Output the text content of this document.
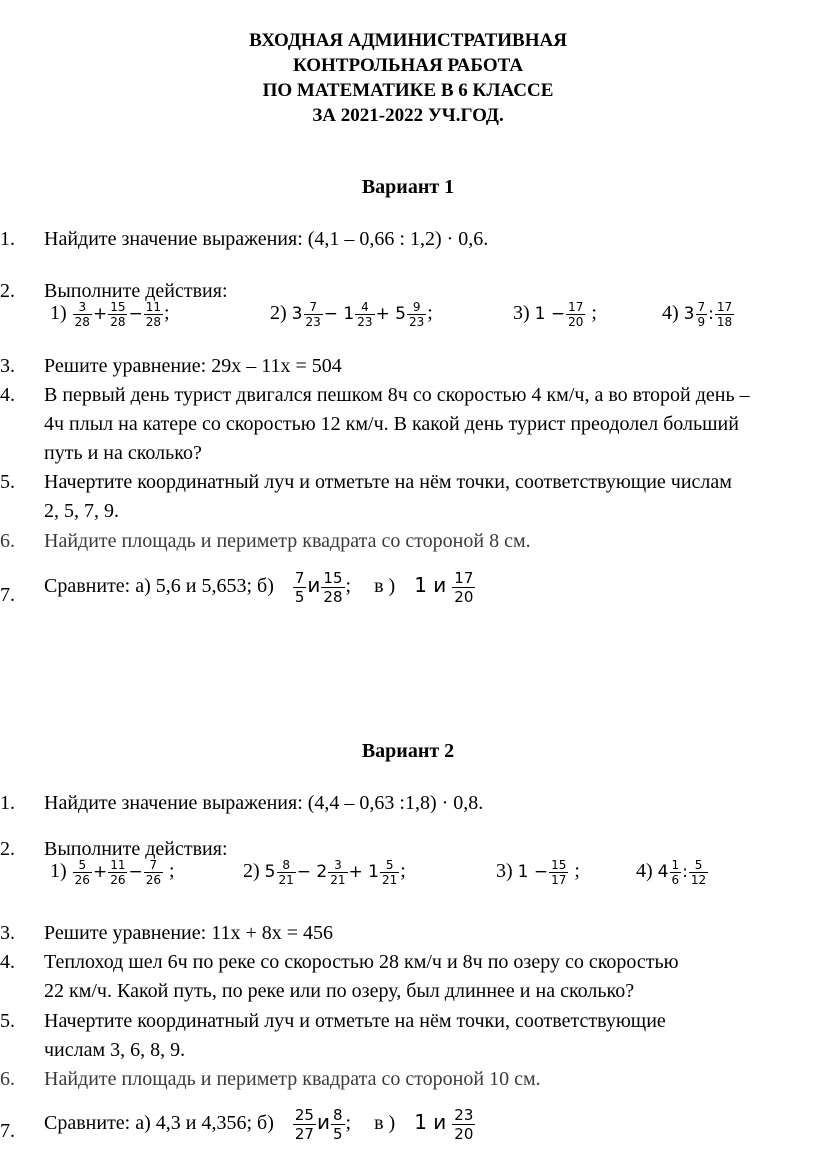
ВХОДНАЯ АДМИНИСТРАТИВНАЯ
КОНТРОЛЬНАЯ РАБОТА
ПО МАТЕМАТИКЕ В 6 КЛАССЕ
ЗА 2021-2022 УЧ.ГОД.
Вариант 1
1. Найдите значение выражения: (4,1 – 0,66 : 1,2) · 0,6.
2. Выполните действия:
$1) \frac{3}{28} + \frac{15}{28} - \frac{11}{28}$ ;	2) $3 \frac{7}{23} - 1 \frac{4}{23} + 5 \frac{9}{23}$ ;	3) $1 - \frac{17}{20}$ ;	4) $3 \frac{7}{9}$ : $\frac{17}{18}$
3. Решите уравнение: 29х – 11х = 504
4. В первый день турист двигался пешком 8ч со скоростью 4 км/ч, а во второй день –
4ч плыл на катере со скоростью 12 км/ч. В какой день турист преодолел больший
путь и на сколько?
5. Начертите координатный луч и отметьте на нём точки, соответствующие числам
2, 5, 7, 9.
6. Найдите площадь и периметр квадрата со стороной 8 см.
7. Сравните: а) 5,6 и 5,653; $б) \frac{7}{5}$ и $\frac{15}{28}$ ; в ) 1 и $\frac{17}{20}$
Вариант 2
1. Найдите значение выражения: (4,4 – 0,63 :1,8) · 0,8.
2. Выполните действия:
$1) \frac{5}{26} + \frac{11}{26} - \frac{7}{26}$ ;	2) $5 \frac{8}{21} - 2 \frac{3}{21} + 1 \frac{5}{21}$ ;	3) $1 - \frac{15}{17}$ ;	4) $4 \frac{1}{6}$ : $\frac{5}{12}$
3. Решите уравнение: 11х + 8х = 456
4. Теплоход шел 6ч по реке со скоростью 28 км/ч и 8ч по озеру со скоростью
22 км/ч. Какой путь, по реке или по озеру, был длиннее и на сколько?
5. Начертите координатный луч и отметьте на нём точки, соответствующие
числам 3, 6, 8, 9.
6. Найдите площадь и периметр квадрата со стороной 10 см.
7. Сравните: а) 4,3 и 4,356; $б) \frac{25}{27}$ и $\frac{8}{5}$ ; в ) 1 и $\frac{23}{20}$
